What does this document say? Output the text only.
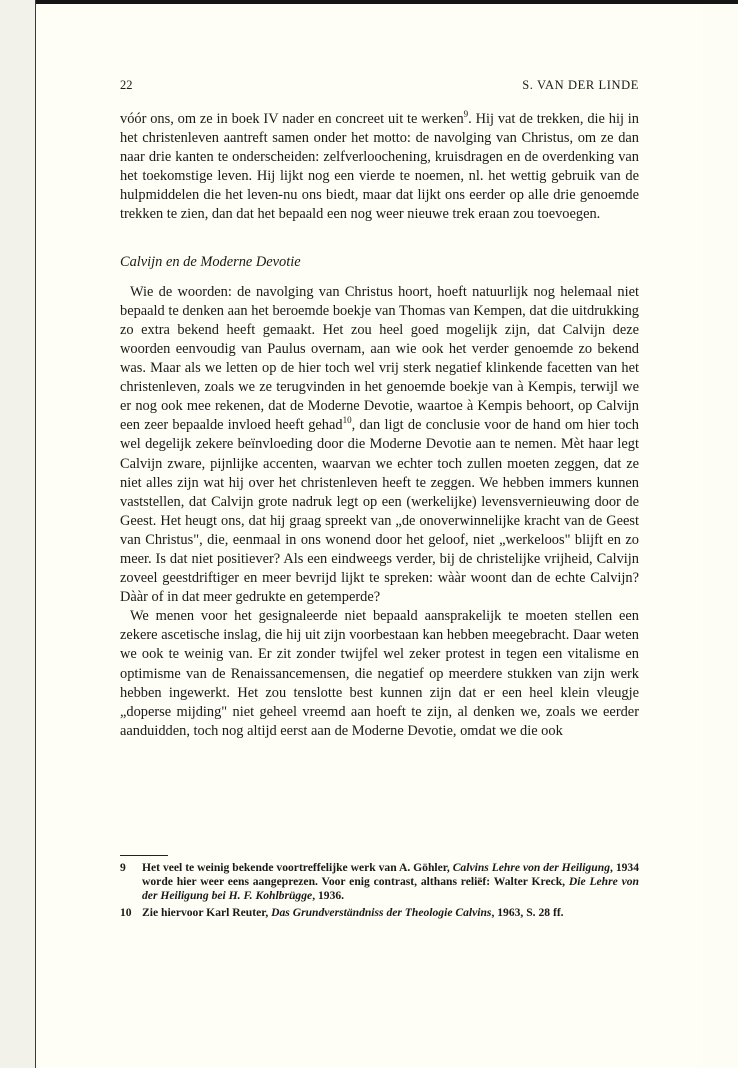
22	S. VAN DER LINDE

vóór ons, om ze in boek IV nader en concreet uit te werken$^9$. Hij vat de trekken, die hij in het christenleven aantreft samen onder het motto: de navolging van Christus, om ze dan naar drie kanten te onderscheiden: zelfverloochening, kruisdragen en de overdenking van het toekomstige leven. Hij lijkt nog een vierde te noemen, nl. het wettig gebruik van de hulpmiddelen die het leven-nu ons biedt, maar dat lijkt ons eerder op alle drie genoemde trekken te zien, dan dat het bepaald een nog weer nieuwe trek eraan zou toevoegen.

Calvijn en de Moderne Devotie

Wie de woorden: de navolging van Christus hoort, hoeft natuurlijk nog helemaal niet bepaald te denken aan het beroemde boekje van Thomas van Kempen, dat die uitdrukking zo extra bekend heeft gemaakt. Het zou heel goed mogelijk zijn, dat Calvijn deze woorden eenvoudig van Paulus overnam, aan wie ook het verder genoemde zo bekend was. Maar als we letten op de hier toch wel vrij sterk negatief klinkende facetten van het christenleven, zoals we ze terugvinden in het genoemde boekje van à Kempis, terwijl we er nog ook mee rekenen, dat de Moderne Devotie, waartoe à Kempis behoort, op Calvijn een zeer bepaalde invloed heeft gehad$^{10}$, dan ligt de conclusie voor de hand om hier toch wel degelijk zekere beïnvloeding door die Moderne Devotie aan te nemen. Mèt haar legt Calvijn zware, pijnlijke accenten, waarvan we echter toch zullen moeten zeggen, dat ze niet alles zijn wat hij over het christenleven heeft te zeggen. We hebben immers kunnen vaststellen, dat Calvijn grote nadruk legt op een (werkelijke) levensvernieuwing door de Geest. Het heugt ons, dat hij graag spreekt van „de onoverwinnelijke kracht van de Geest van Christus", die, eenmaal in ons wonend door het geloof, niet „werkeloos" blijft en zo meer. Is dat niet positiever? Als een eindweegs verder, bij de christelijke vrijheid, Calvijn zoveel geestdriftiger en meer bevrijd lijkt te spreken: wààr woont dan de echte Calvijn? Dààr of in dat meer gedrukte en getemperde?

We menen voor het gesignaleerde niet bepaald aansprakelijk te moeten stellen een zekere ascetische inslag, die hij uit zijn voorbestaan kan hebben meegebracht. Daar weten we ook te weinig van. Er zit zonder twijfel wel zeker protest in tegen een vitalisme en optimisme van de Renaissancemensen, die negatief op meerdere stukken van zijn werk hebben ingewerkt. Het zou tenslotte best kunnen zijn dat er een heel klein vleugje „doperse mijding" niet geheel vreemd aan hoeft te zijn, al denken we, zoals we eerder aanduidden, toch nog altijd eerst aan de Moderne Devotie, omdat we die ook

9 Het veel te weinig bekende voortreffelijke werk van A. Göhler, Calvins Lehre von der Heiligung, 1934 worde hier weer eens aangeprezen. Voor enig contrast, althans reliëf: Walter Kreck, Die Lehre von der Heiligung bei H. F. Kohlbrügge, 1936.
10 Zie hiervoor Karl Reuter, Das Grundverständniss der Theologie Calvins, 1963, S. 28 ff.
